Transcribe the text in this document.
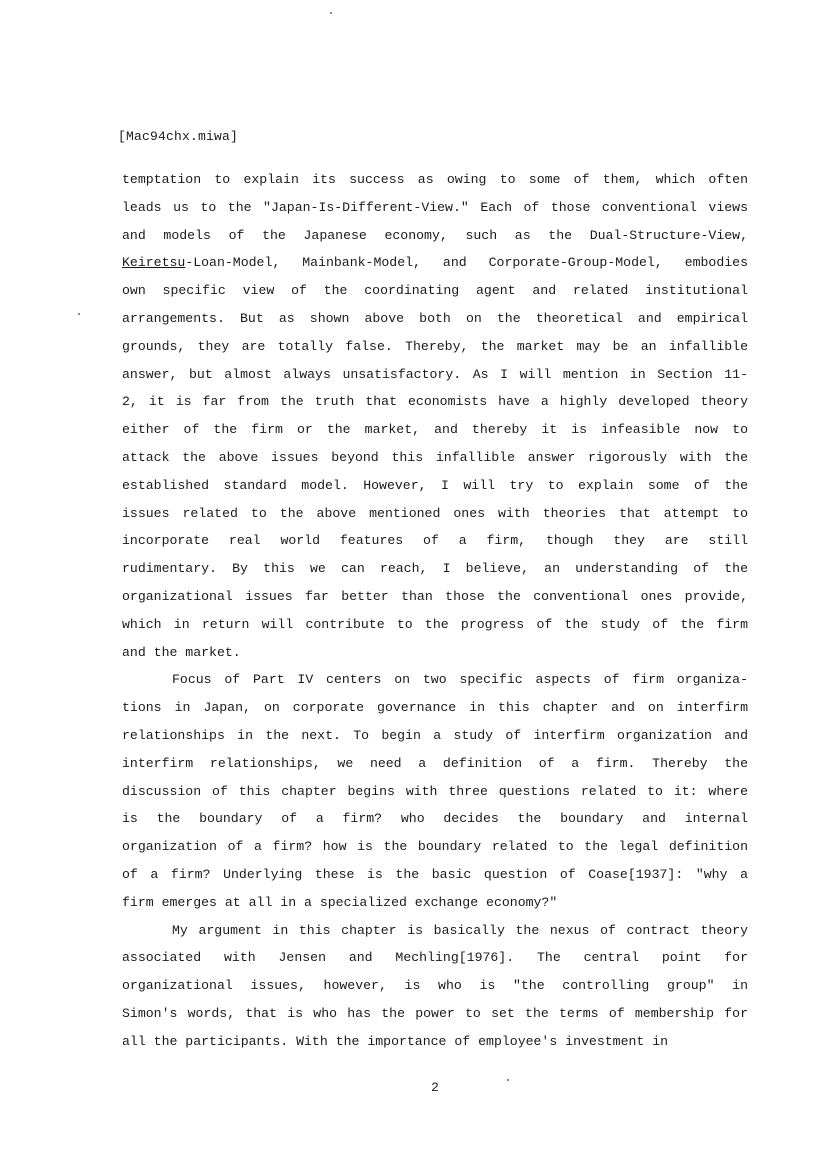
[Mac94chx.miwa]
temptation to explain its success as owing to some of them, which often
leads us to the "Japan-Is-Different-View." Each of those conventional views
and models of the Japanese economy, such as the Dual-Structure-View,
Keiretsu-Loan-Model, Mainbank-Model, and Corporate-Group-Model, embodies
own specific view of the coordinating agent and related institutional
arrangements. But as shown above both on the theoretical and empirical
grounds, they are totally false. Thereby, the market may be an infallible
answer, but almost always unsatisfactory. As I will mention in Section 11-
2, it is far from the truth that economists have a highly developed theory
either of the firm or the market, and thereby it is infeasible now to
attack the above issues beyond this infallible answer rigorously with the
established standard model. However, I will try to explain some of the
issues related to the above mentioned ones with theories that attempt to
incorporate real world features of a firm, though they are still
rudimentary. By this we can reach, I believe, an understanding of the
organizational issues far better than those the conventional ones provide,
which in return will contribute to the progress of the study of the firm
and the market.
Focus of Part IV centers on two specific aspects of firm organiza-
tions in Japan, on corporate governance in this chapter and on interfirm
relationships in the next. To begin a study of interfirm organization and
interfirm relationships, we need a definition of a firm. Thereby the
discussion of this chapter begins with three questions related to it: where
is the boundary of a firm? who decides the boundary and internal
organization of a firm? how is the boundary related to the legal definition
of a firm? Underlying these is the basic question of Coase[1937]: "why a
firm emerges at all in a specialized exchange economy?"
My argument in this chapter is basically the nexus of contract theory
associated with Jensen and Mechling[1976]. The central point for
organizational issues, however, is who is "the controlling group" in
Simon's words, that is who has the power to set the terms of membership for
all the participants. With the importance of employee's investment in
2
